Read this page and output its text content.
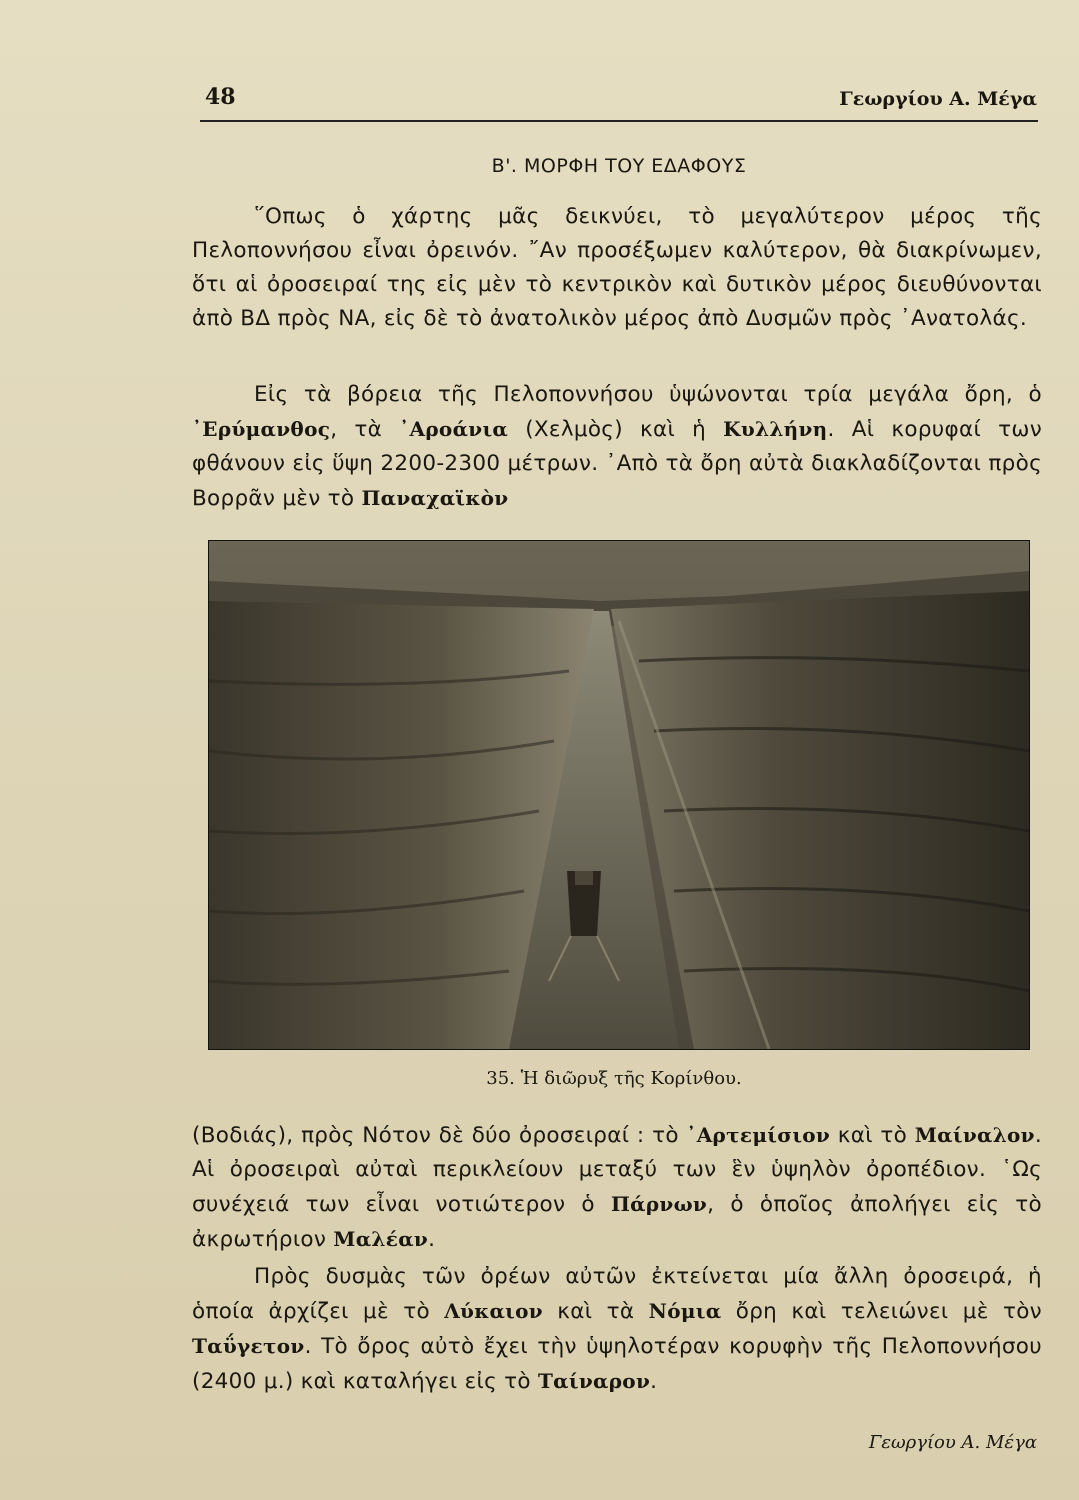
48	Γεωργίου Α. Μέγα
Β'. ΜΟΡΦΗ ΤΟΥ ΕΔΑΦΟΥΣ

῞Οπως ὁ χάρτης μᾶς δεικνύει, τὸ μεγαλύτερον μέρος τῆς Πελοποννήσου εἶναι ὀρεινόν. ῎Αν προσέξωμεν καλύτερον, θὰ διακρίνωμεν, ὅτι αἱ ὀροσειραί της εἰς μὲν τὸ κεντρικὸν καὶ δυτικὸν μέρος διευθύνονται ἀπὸ ΒΔ πρὸς ΝΑ, εἰς δὲ τὸ ἀνατολικὸν μέρος ἀπὸ Δυσμῶν πρὸς ᾿Ανατολάς.

Εἰς τὰ βόρεια τῆς Πελοποννήσου ὑψώνονται τρία μεγάλα ὄρη, ὁ ᾿Ερύμανθος, τὰ ᾿Αροάνια (Χελμὸς) καὶ ἡ Κυλλήνη. Αἱ κορυφαί των φθάνουν εἰς ὕψη 2200-2300 μέτρων. ᾿Απὸ τὰ ὄρη αὐτὰ διακλαδίζονται πρὸς Βορρᾶν μὲν τὸ Παναχαϊκὸν

35. Ἡ διῶρυξ τῆς Κορίνθου.

(Βοδιάς), πρὸς Νότον δὲ δύο ὀροσειραί : τὸ ᾿Αρτεμίσιον καὶ τὸ Μαίναλον. Αἱ ὀροσειραὶ αὐταὶ περικλείουν μεταξύ των ἓν ὑψηλὸν ὀροπέδιον. ῾Ως συνέχειά των εἶναι νοτιώτερον ὁ Πάρνων, ὁ ὁποῖος ἀπολήγει εἰς τὸ ἀκρωτήριον Μαλέαν.

Πρὸς δυσμὰς τῶν ὀρέων αὐτῶν ἐκτείνεται μία ἄλλη ὀροσειρά, ἡ ὁποία ἀρχίζει μὲ τὸ Λύκαιον καὶ τὰ Νόμια ὄρη καὶ τελειώνει μὲ τὸν Ταΰγετον. Τὸ ὄρος αὐτὸ ἔχει τὴν ὑψηλοτέραν κορυφὴν τῆς Πελοποννήσου (2400 μ.) καὶ καταλήγει εἰς τὸ Ταίναρον.

Γεωργίου Α. Μέγα
